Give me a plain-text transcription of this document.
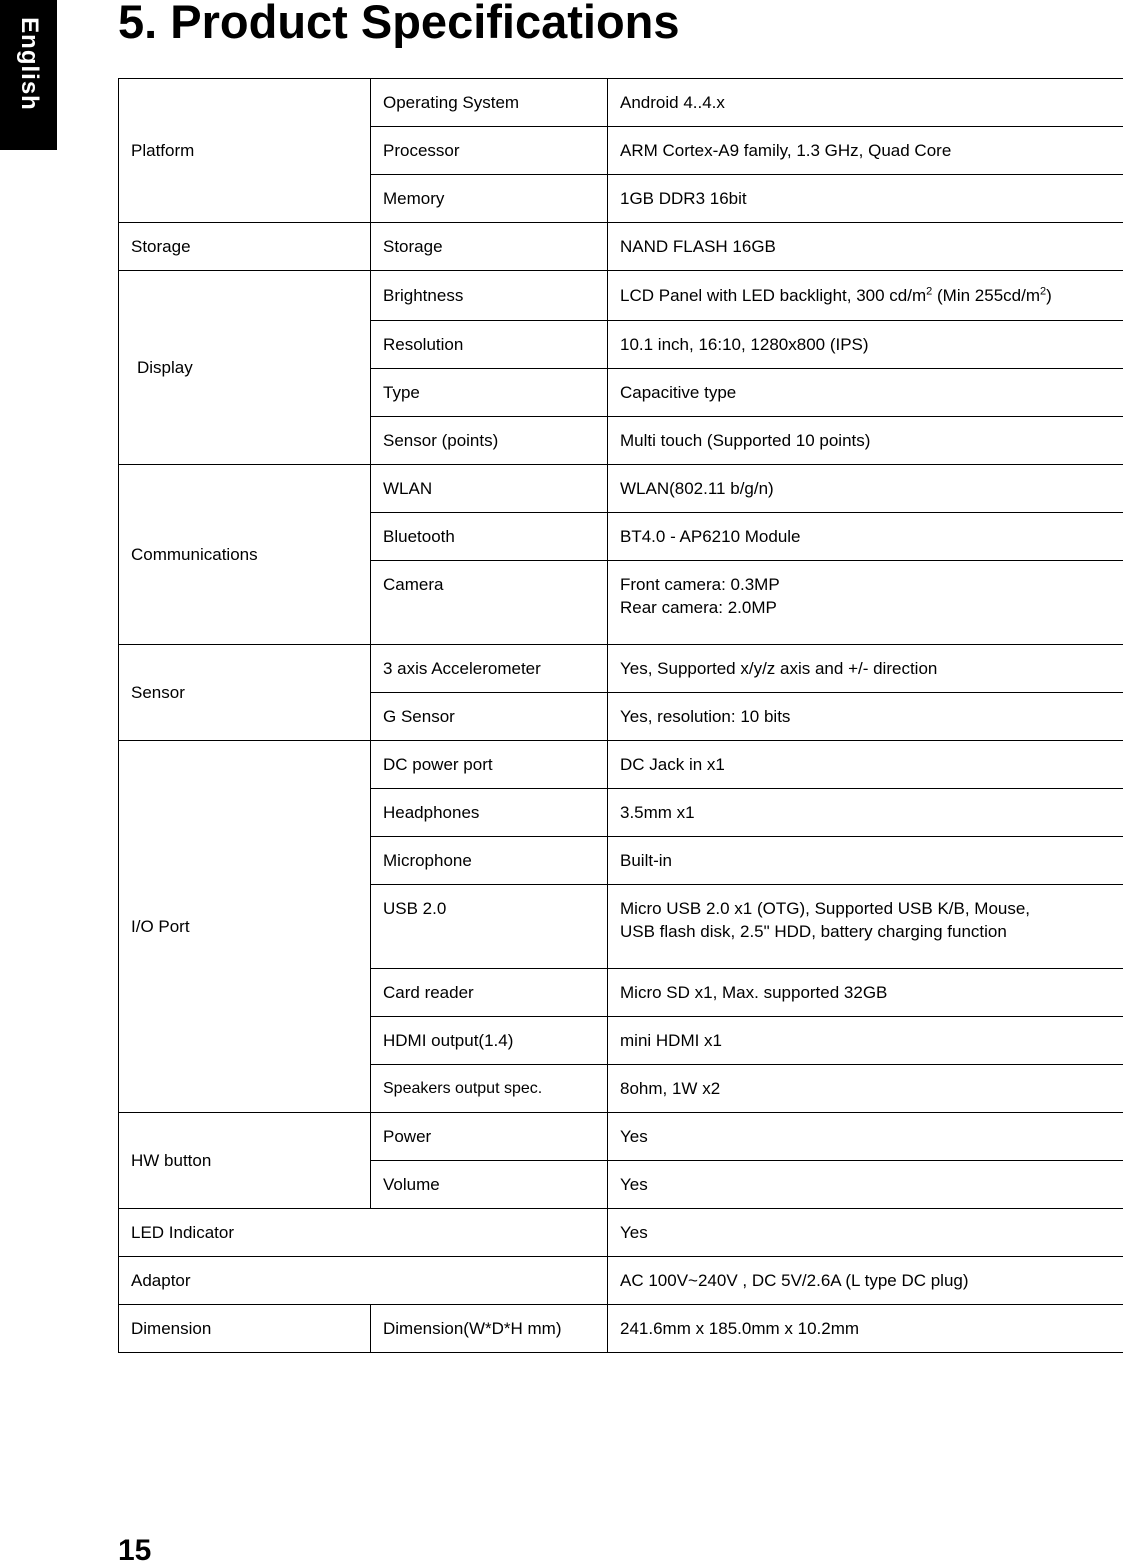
English 5. Product Specifications
Platform	Operating System	Android 4..4.x
	Processor	ARM Cortex-A9 family, 1.3 GHz, Quad Core
	Memory	1GB DDR3 16bit
Storage	Storage	NAND FLASH 16GB
Display	Brightness	LCD Panel with LED backlight, 300 $cd/m^2$ (Min $255cd/m^2$)
	Resolution	10.1 inch, 16:10, 1280x800 (IPS)
	Type	Capacitive type
	Sensor (points)	Multi touch (Supported 10 points)
Communications	WLAN	WLAN(802.11 b/g/n)
	Bluetooth	BT4.0 - AP6210 Module
	Camera	Front camera: 0.3MP
Rear camera: 2.0MP

Sensor	3 axis Accelerometer	Yes, Supported x/y/z axis and +/- direction
	G Sensor	Yes, resolution: 10 bits
I/O Port	DC power port	DC Jack in x1
	Headphones	3.5mm x1
	Microphone	Built-in
	USB 2.0	Micro USB 2.0 x1 (OTG), Supported USB K/B, Mouse,
USB flash disk, 2.5" HDD, battery charging function

	Card reader	Micro SD x1, Max. supported 32GB
	HDMI output(1.4)	mini HDMI x1
	Speakers output spec.	8ohm, 1W x2
HW button	Power	Yes
	Volume	Yes
LED Indicator		Yes
Adaptor		AC 100V~240V , DC 5V/2.6A (L type DC plug)
Dimension	Dimension(W*D*H mm)	241.6mm x 185.0mm x 10.2mm
15
